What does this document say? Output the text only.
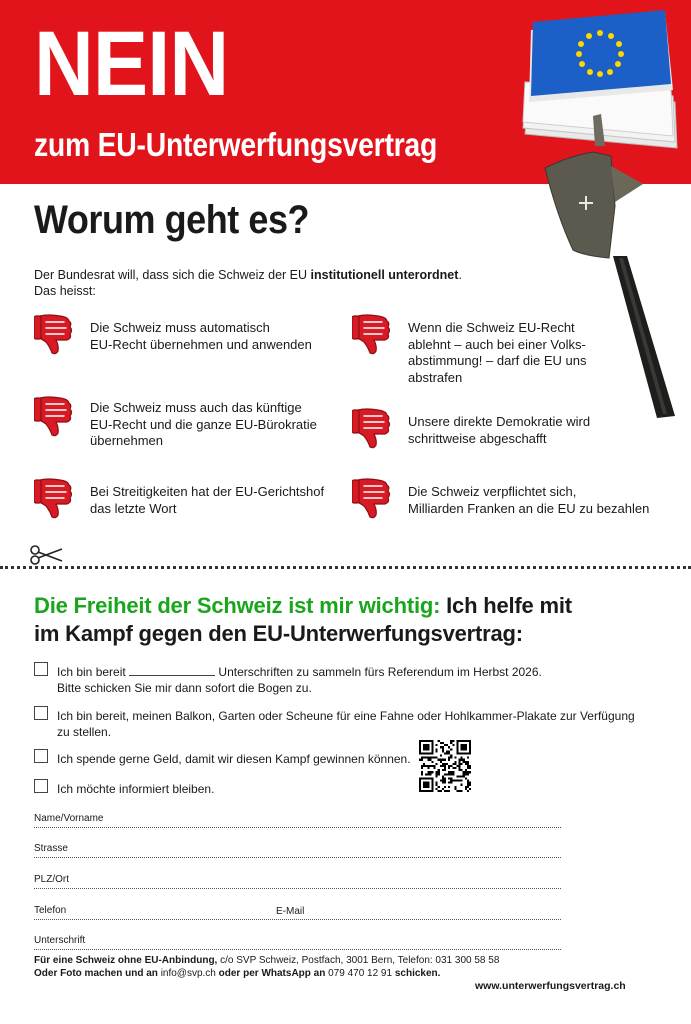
NEIN
zum EU-Unterwerfungsvertrag
Worum geht es?
Der Bundesrat will, dass sich die Schweiz der EU institutionell unterordnet.
Das heisst:
Die Schweiz muss automatisch
EU-Recht übernehmen und anwenden
Wenn die Schweiz EU-Recht
ablehnt – auch bei einer Volks-
abstimmung! – darf die EU uns
abstrafen
Die Schweiz muss auch das künftige
EU-Recht und die ganze EU-Bürokratie
übernehmen
Unsere direkte Demokratie wird
schrittweise abgeschafft
Bei Streitigkeiten hat der EU-Gerichtshof
das letzte Wort
Die Schweiz verpflichtet sich,
Milliarden Franken an die EU zu bezahlen
Die Freiheit der Schweiz ist mir wichtig: Ich helfe mit
im Kampf gegen den EU-Unterwerfungsvertrag:
Ich bin bereit	Unterschriften zu sammeln fürs Referendum im Herbst 2026.
Bitte schicken Sie mir dann sofort die Bogen zu.
Ich bin bereit, meinen Balkon, Garten oder Scheune für eine Fahne oder Hohlkammer-Plakate zur Verfügung
zu stellen.
Ich spende gerne Geld, damit wir diesen Kampf gewinnen können.
Ich möchte informiert bleiben.
Name/Vorname
Strasse
PLZ/Ort
Telefon	E-Mail
Unterschrift
Für eine Schweiz ohne EU-Anbindung, c/o SVP Schweiz, Postfach, 3001 Bern, Telefon: 031 300 58 58
Oder Foto machen und an info@svp.ch oder per WhatsApp an 079 470 12 91 schicken.
www.unterwerfungsvertrag.ch
